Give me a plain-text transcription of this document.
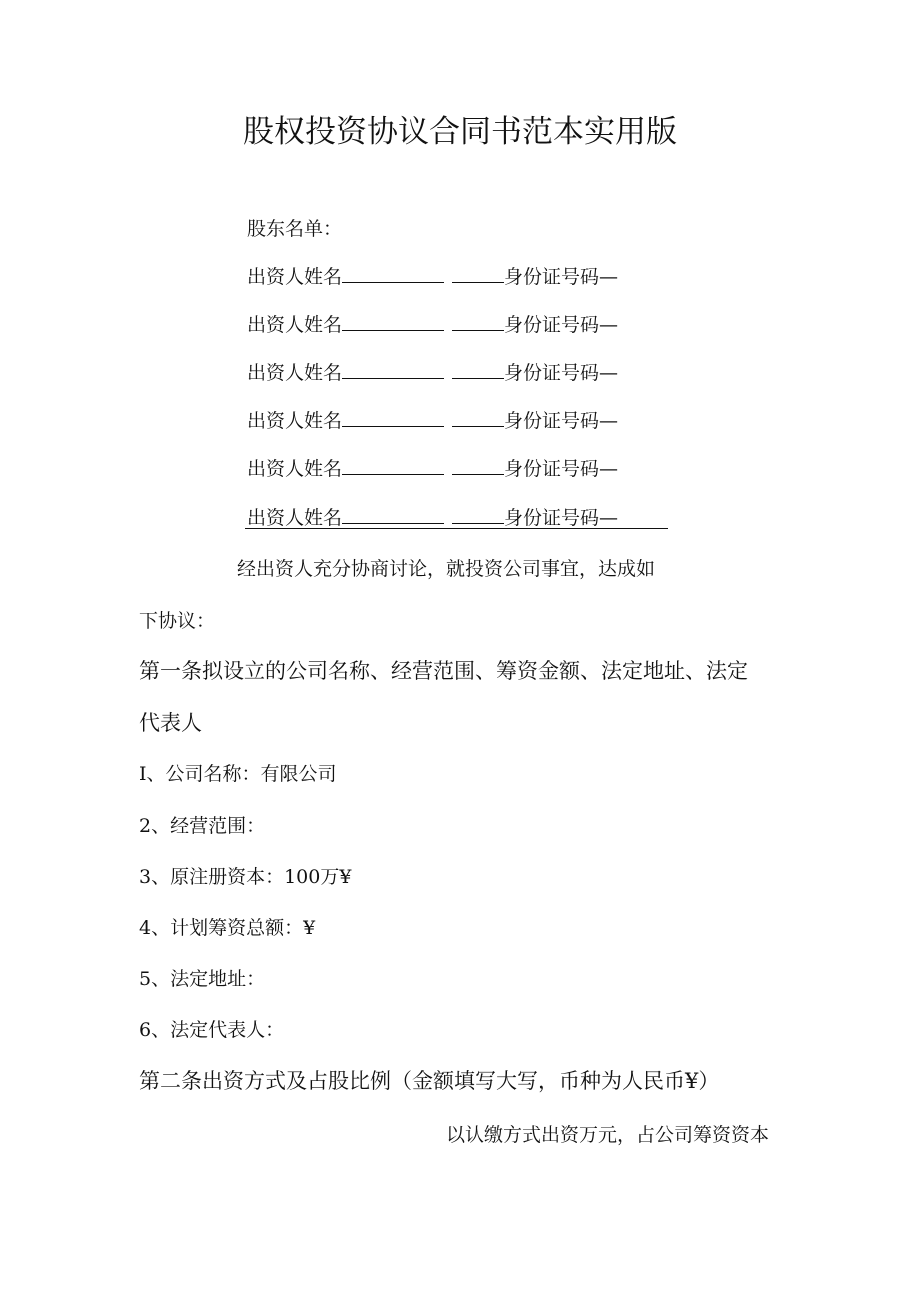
股权投资协议合同书范本实用版
股东名单：
出资人姓名	身份证号码—
出资人姓名	身份证号码—
出资人姓名	身份证号码—
出资人姓名	身份证号码—
出资人姓名	身份证号码—
出资人姓名	身份证号码—
经出资人充分协商讨论，就投资公司事宜，达成如
下协议：
第一条拟设立的公司名称、经营范围、筹资金额、法定地址、法定
代表人
I、公司名称：有限公司
2、经营范围：
3、原注册资本：100万¥
4、计划筹资总额：¥
5、法定地址：
6、法定代表人：
第二条出资方式及占股比例（金额填写大写，币种为人民币¥）
以认缴方式出资万元，占公司筹资资本
